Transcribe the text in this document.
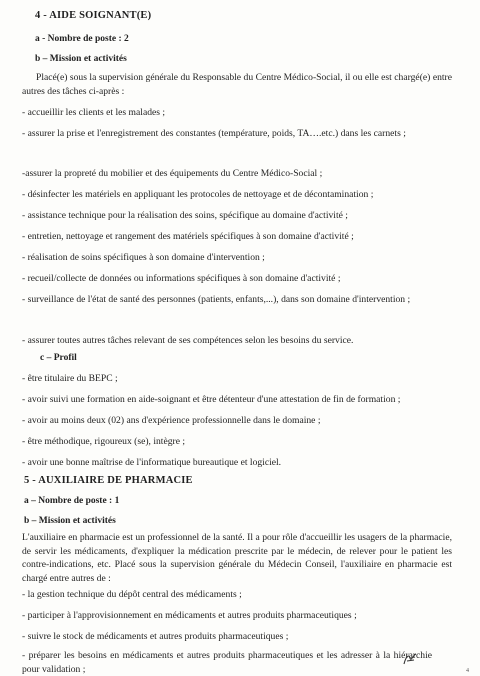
4 - AIDE SOIGNANT(E)
a - Nombre de poste : 2
b – Mission et activités
Placé(e) sous la supervision générale du Responsable du Centre Médico-Social, il ou elle est chargé(e) entre autres des tâches ci-après :
- accueillir les clients et les malades ;
- assurer la prise et l'enregistrement des constantes (température, poids, TA….etc.) dans les carnets ;
-assurer la propreté du mobilier et des équipements du Centre Médico-Social ;
- désinfecter les matériels en appliquant les protocoles de nettoyage et de décontamination ;
- assistance technique pour la réalisation des soins, spécifique au domaine d'activité ;
- entretien, nettoyage et rangement des matériels spécifiques à son domaine d'activité ;
- réalisation de soins spécifiques à son domaine d'intervention ;
- recueil/collecte de données ou informations spécifiques à son domaine d'activité ;
- surveillance de l'état de santé des personnes (patients, enfants,...), dans son domaine d'intervention ;
- assurer toutes autres tâches relevant de ses compétences selon les besoins du service.
c – Profil
- être titulaire du BEPC ;
- avoir suivi une formation en aide-soignant et être détenteur d'une attestation de fin de formation ;
- avoir au moins deux (02) ans d'expérience professionnelle dans le domaine ;
- être méthodique, rigoureux (se), intègre ;
- avoir une bonne maîtrise de l'informatique bureautique et logiciel.
5 - AUXILIAIRE DE PHARMACIE
a – Nombre de poste : 1
b – Mission et activités
L'auxiliaire en pharmacie est un professionnel de la santé. Il a pour rôle d'accueillir les usagers de la pharmacie, de servir les médicaments, d'expliquer la médication prescrite par le médecin, de relever pour le patient les contre-indications, etc. Placé sous la supervision générale du Médecin Conseil, l'auxiliaire en pharmacie est chargé entre autres de :
- la gestion technique du dépôt central des médicaments ;
- participer à l'approvisionnement en médicaments et autres produits pharmaceutiques ;
- suivre le stock de médicaments et autres produits pharmaceutiques ;
- préparer les besoins en médicaments et autres produits pharmaceutiques et les adresser à la hiérarchie pour validation ;	4
